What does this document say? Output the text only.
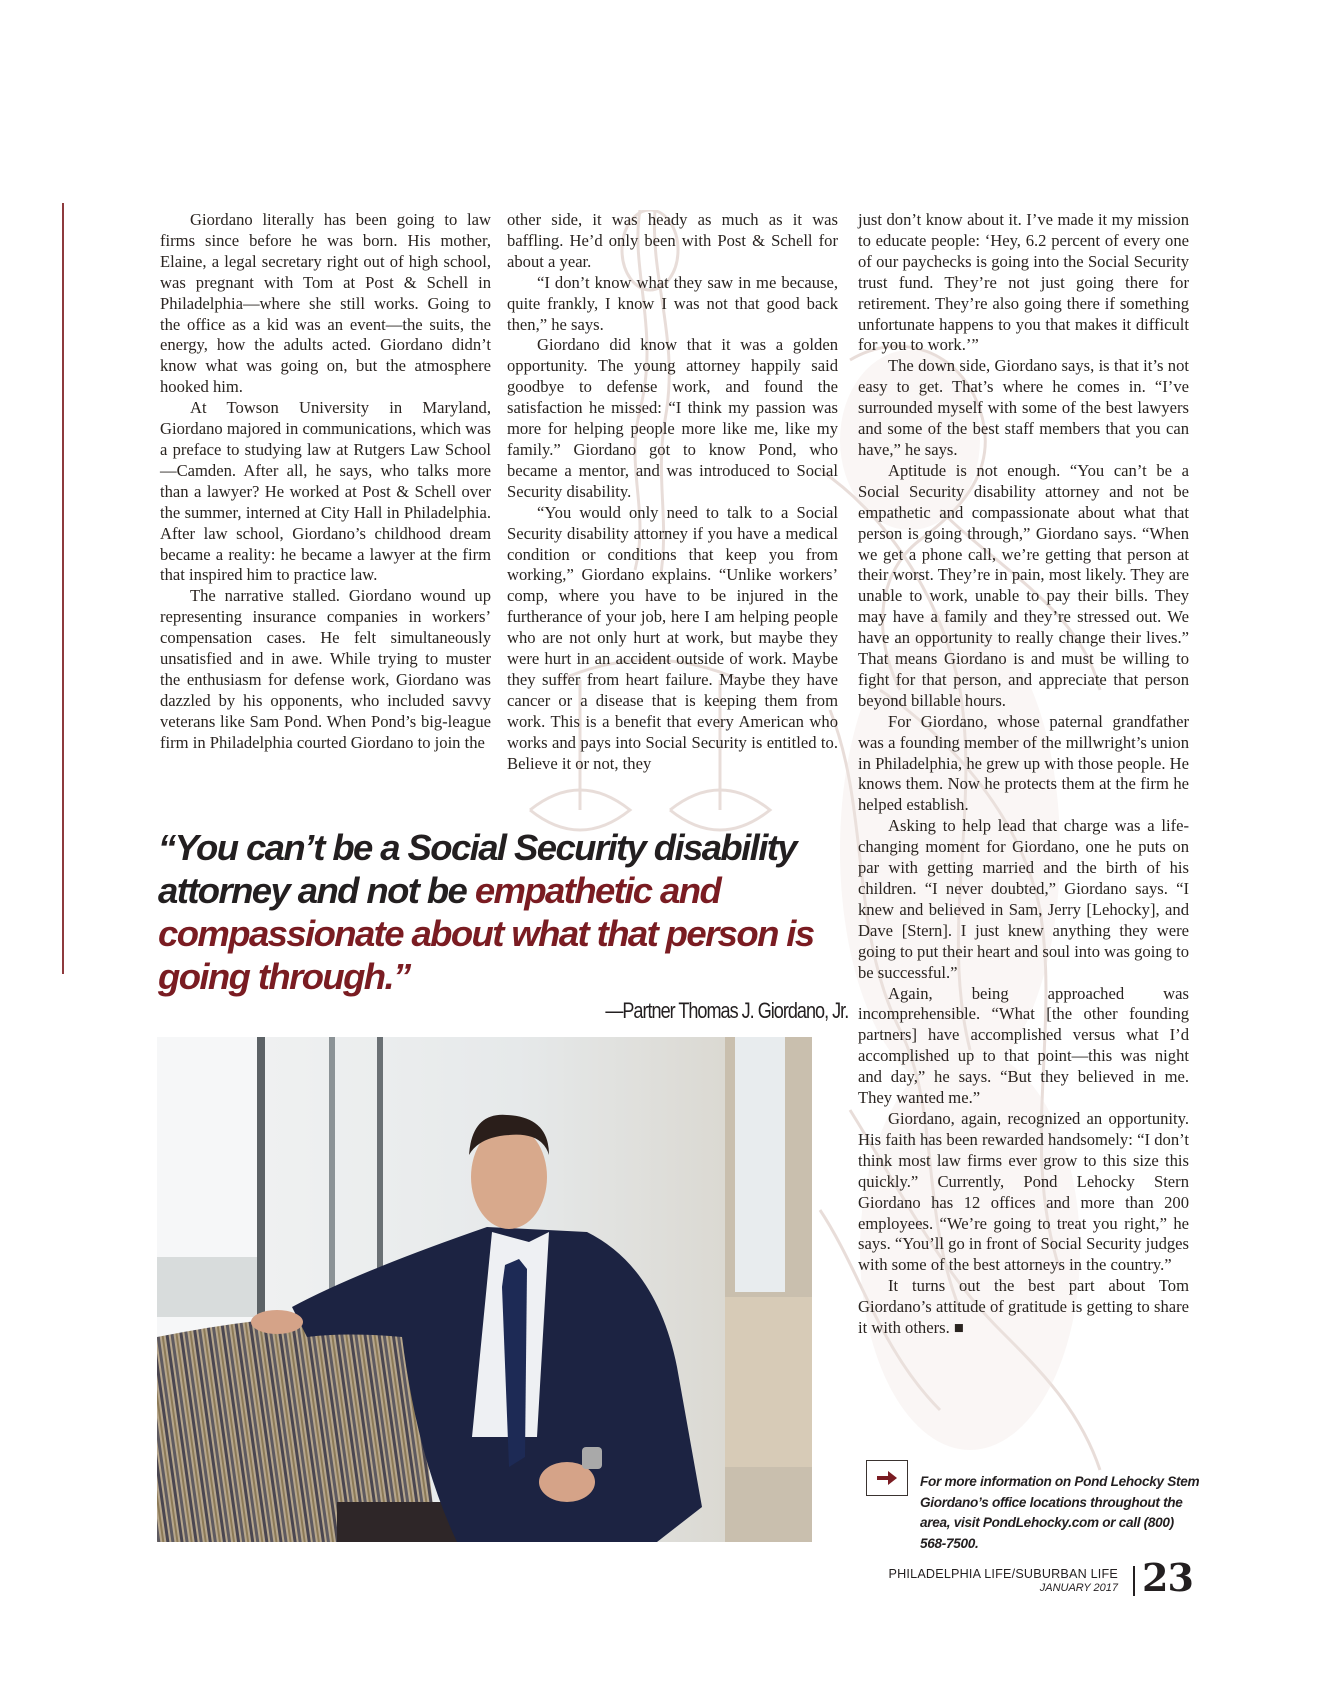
Giordano literally has been going to law firms since before he was born. His mother, Elaine, a legal secretary right out of high school, was pregnant with Tom at Post & Schell in Philadelphia—where she still works. Going to the office as a kid was an event—the suits, the energy, how the adults acted. Giordano didn’t know what was going on, but the atmosphere hooked him.

At Towson University in Maryland, Giordano majored in communications, which was a preface to studying law at Rutgers Law School—Camden. After all, he says, who talks more than a lawyer? He worked at Post & Schell over the summer, interned at City Hall in Philadelphia. After law school, Giordano’s childhood dream became a reality: he became a lawyer at the firm that inspired him to practice law.

The narrative stalled. Giordano wound up representing insurance companies in workers’ compensation cases. He felt simultaneously unsatisfied and in awe. While trying to muster the enthusiasm for defense work, Giordano was dazzled by his opponents, who included savvy veterans like Sam Pond. When Pond’s big-league firm in Philadelphia courted Giordano to join the

other side, it was heady as much as it was baffling. He’d only been with Post & Schell for about a year.

“I don’t know what they saw in me because, quite frankly, I know I was not that good back then,” he says.

Giordano did know that it was a golden opportunity. The young attorney happily said goodbye to defense work, and found the satisfaction he missed: “I think my passion was more for helping people more like me, like my family.” Giordano got to know Pond, who became a mentor, and was introduced to Social Security disability.

“You would only need to talk to a Social Security disability attorney if you have a medical condition or conditions that keep you from working,” Giordano explains. “Unlike workers’ comp, where you have to be injured in the furtherance of your job, here I am helping people who are not only hurt at work, but maybe they were hurt in an accident outside of work. Maybe they suffer from heart failure. Maybe they have cancer or a disease that is keeping them from work. This is a benefit that every American who works and pays into Social Security is entitled to. Believe it or not, they

just don’t know about it. I’ve made it my mission to educate people: ‘Hey, 6.2 percent of every one of our paychecks is going into the Social Security trust fund. They’re not just going there for retirement. They’re also going there if something unfortunate happens to you that makes it difficult for you to work.’”

The down side, Giordano says, is that it’s not easy to get. That’s where he comes in. “I’ve surrounded myself with some of the best lawyers and some of the best staff members that you can have,” he says.

Aptitude is not enough. “You can’t be a Social Security disability attorney and not be empathetic and compassionate about what that person is going through,” Giordano says. “When we get a phone call, we’re getting that person at their worst. They’re in pain, most likely. They are unable to work, unable to pay their bills. They may have a family and they’re stressed out. We have an opportunity to really change their lives.” That means Giordano is and must be willing to fight for that person, and appreciate that person beyond billable hours.

For Giordano, whose paternal grandfather was a founding member of the millwright’s union in Philadelphia, he grew up with those people. He knows them. Now he protects them at the firm he helped establish.

Asking to help lead that charge was a life-changing moment for Giordano, one he puts on par with getting married and the birth of his children. “I never doubted,” Giordano says. “I knew and believed in Sam, Jerry [Lehocky], and Dave [Stern]. I just knew anything they were going to put their heart and soul into was going to be successful.”

Again, being approached was incomprehensible. “What [the other founding partners] have accomplished versus what I’d accomplished up to that point—this was night and day,” he says. “But they believed in me. They wanted me.”

Giordano, again, recognized an opportunity. His faith has been rewarded handsomely: “I don’t think most law firms ever grow to this size this quickly.” Currently, Pond Lehocky Stern Giordano has 12 offices and more than 200 employees. “We’re going to treat you right,” he says. “You’ll go in front of Social Security judges with some of the best attorneys in the country.”

It turns out the best part about Tom Giordano’s attitude of gratitude is getting to share it with others. ■

“You can’t be a Social Security disability attorney and not be empathetic and compassionate about what that person is going through.”
—Partner Thomas J. Giordano, Jr.
For more information on Pond Lehocky Stem Giordano’s office locations throughout the area, visit PondLehocky.com or call (800) 568-7500.
PHILADELPHIA LIFE/SUBURBAN LIFE
JANUARY 2017 23
